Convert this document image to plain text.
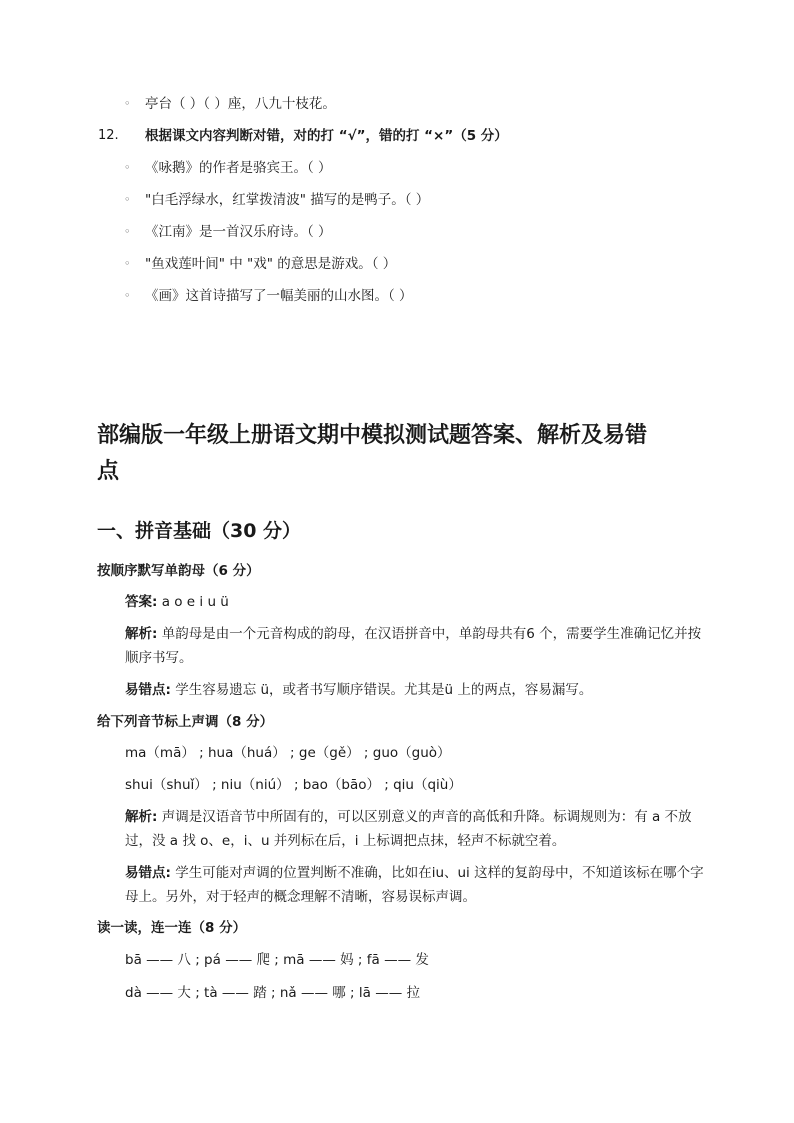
◦ 亭台（ ）（ ）座，八九十枝花。
12. 根据课文内容判断对错，对的打 “√”，错的打 “×”（5 分）
◦ 《咏鹅》的作者是骆宾王。（ ）
◦ "白毛浮绿水，红掌拨清波" 描写的是鸭子。（ ）
◦ 《江南》是一首汉乐府诗。（ ）
◦ "鱼戏莲叶间" 中 "戏" 的意思是游戏。（ ）
◦ 《画》这首诗描写了一幅美丽的山水图。（ ）
部编版一年级上册语文期中模拟测试题答案、解析及易错
点
一、拼音基础（30 分）
按顺序默写单韵母（6 分）
答案: a o e i u ü
解析: 单韵母是由一个元音构成的韵母，在汉语拼音中，单韵母共有6 个，需要学生准确记忆并按顺序书写。
易错点: 学生容易遗忘 ü，或者书写顺序错误。尤其是ü 上的两点，容易漏写。
给下列音节标上声调（8 分）
ma（mā） ; hua（huá） ; ge（gě） ; guo（guò）
shui（shuǐ） ; niu（niú） ; bao（bāo） ; qiu（qiù）
解析: 声调是汉语音节中所固有的，可以区别意义的声音的高低和升降。标调规则为：有 a 不放过，没 a 找 o、e，i、u 并列标在后，i 上标调把点抹，轻声不标就空着。
易错点: 学生可能对声调的位置判断不准确，比如在iu、ui 这样的复韵母中，不知道该标在哪个字母上。另外，对于轻声的概念理解不清晰，容易误标声调。
读一读，连一连（8 分）
bā —— 八 ; pá —— 爬 ; mā —— 妈 ; fā —— 发
dà —— 大 ; tà —— 踏 ; nǎ —— 哪 ; lā —— 拉
